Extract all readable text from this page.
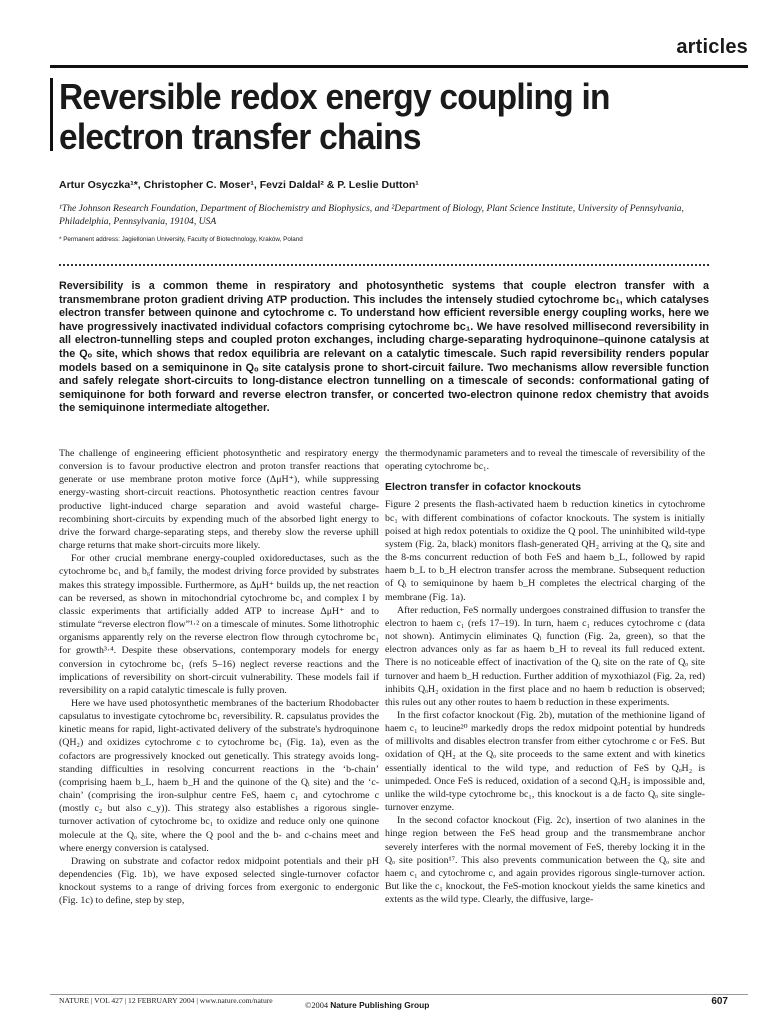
articles
Reversible redox energy coupling in electron transfer chains
Artur Osyczka¹*, Christopher C. Moser¹, Fevzi Daldal² & P. Leslie Dutton¹
¹The Johnson Research Foundation, Department of Biochemistry and Biophysics, and ²Department of Biology, Plant Science Institute, University of Pennsylvania, Philadelphia, Pennsylvania, 19104, USA
* Permanent address: Jagiellonian University, Faculty of Biotechnology, Kraków, Poland

Reversibility is a common theme in respiratory and photosynthetic systems that couple electron transfer with a transmembrane proton gradient driving ATP production. This includes the intensely studied cytochrome bc₁, which catalyses electron transfer between quinone and cytochrome c. To understand how efficient reversible energy coupling works, here we have progressively inactivated individual cofactors comprising cytochrome bc₁. We have resolved millisecond reversibility in all electron-tunnelling steps and coupled proton exchanges, including charge-separating hydroquinone–quinone catalysis at the Qₒ site, which shows that redox equilibria are relevant on a catalytic timescale. Such rapid reversibility renders popular models based on a semiquinone in Qₒ site catalysis prone to short-circuit failure. Two mechanisms allow reversible function and safely relegate short-circuits to long-distance electron tunnelling on a timescale of seconds: conformational gating of semiquinone for both forward and reverse electron transfer, or concerted two-electron quinone redox chemistry that avoids the semiquinone intermediate altogether.

The challenge of engineering efficient photosynthetic and respiratory energy conversion is to favour productive electron and proton transfer reactions that generate or use membrane proton motive force (ΔμH⁺), while suppressing energy-wasting short-circuit reactions. Photosynthetic reaction centres favour productive light-induced charge separation and avoid wasteful charge-recombining short-circuits by expending much of the absorbed light energy to drive the forward charge-separating steps, and thereby slow the reverse uphill charge returns that make short-circuits more likely.

For other crucial membrane energy-coupled oxidoreductases, such as the cytochrome bc₁ and b₆f family, the modest driving force provided by substrates makes this strategy impossible. Furthermore, as ΔμH⁺ builds up, the net reaction can be reversed, as shown in mitochondrial cytochrome bc₁ and complex I by classic experiments that artificially added ATP to increase ΔμH⁺ and to stimulate “reverse electron flow”¹·² on a timescale of minutes. Some lithotrophic organisms apparently rely on the reverse electron flow through cytochrome bc₁ for growth³·⁴. Despite these observations, contemporary models for energy conversion in cytochrome bc₁ (refs 5–16) neglect reverse reactions and the implications of reversibility on short-circuit vulnerability. These models fail if reversibility on a rapid catalytic timescale is fully proven.

Here we have used photosynthetic membranes of the bacterium Rhodobacter capsulatus to investigate cytochrome bc₁ reversibility. R. capsulatus provides the kinetic means for rapid, light-activated delivery of the substrate's hydroquinone (QH₂) and oxidizes cytochrome c to cytochrome bc₁ (Fig. 1a), even as the cofactors are progressively knocked out genetically. This strategy avoids long-standing difficulties in resolving concurrent reactions in the ‘b-chain’ (comprising haem b_L, haem b_H and the quinone of the Qᵢ site) and the ‘c-chain’ (comprising the iron-sulphur centre FeS, haem c₁ and cytochrome c (mostly c₂ but also c_y)). This strategy also establishes a rigorous single-turnover activation of cytochrome bc₁ to oxidize and reduce only one quinone molecule at the Qₒ site, where the Q pool and the b- and c-chains meet and where energy conversion is catalysed.

Drawing on substrate and cofactor redox midpoint potentials and their pH dependencies (Fig. 1b), we have exposed selected single-turnover cofactor knockout systems to a range of driving forces from exergonic to endergonic (Fig. 1c) to define, step by step,

the thermodynamic parameters and to reveal the timescale of reversibility of the operating cytochrome bc₁.

Electron transfer in cofactor knockouts

Figure 2 presents the flash-activated haem b reduction kinetics in cytochrome bc₁ with different combinations of cofactor knockouts. The system is initially poised at high redox potentials to oxidize the Q pool. The uninhibited wild-type system (Fig. 2a, black) monitors flash-generated QH₂ arriving at the Qₒ site and the 8-ms concurrent reduction of both FeS and haem b_L, followed by rapid haem b_L to b_H electron transfer across the membrane. Subsequent reduction of Qᵢ to semiquinone by haem b_H completes the electrical charging of the membrane (Fig. 1a).

After reduction, FeS normally undergoes constrained diffusion to transfer the electron to haem c₁ (refs 17–19). In turn, haem c₁ reduces cytochrome c (data not shown). Antimycin eliminates Qᵢ function (Fig. 2a, green), so that the electron advances only as far as haem b_H to reveal its full reduced extent. There is no noticeable effect of inactivation of the Qᵢ site on the rate of Qₒ site turnover and haem b_H reduction. Further addition of myxothiazol (Fig. 2a, red) inhibits QₒH₂ oxidation in the first place and no haem b reduction is observed; this rules out any other routes to haem b reduction in these experiments.

In the first cofactor knockout (Fig. 2b), mutation of the methionine ligand of haem c₁ to leucine²⁰ markedly drops the redox midpoint potential by hundreds of millivolts and disables electron transfer from either cytochrome c or FeS. But oxidation of QH₂ at the Qₒ site proceeds to the same extent and with kinetics essentially identical to the wild type, and reduction of FeS by QₒH₂ is unimpeded. Once FeS is reduced, oxidation of a second QₒH₂ is impossible and, unlike the wild-type cytochrome bc₁, this knockout is a de facto Qₒ site single-turnover enzyme.

In the second cofactor knockout (Fig. 2c), insertion of two alanines in the hinge region between the FeS head group and the transmembrane anchor severely interferes with the normal movement of FeS, thereby locking it in the Qₒ site position¹⁷. This also prevents communication between the Qₒ site and haem c₁ and cytochrome c, and again provides rigorous single-turnover action. But like the c₁ knockout, the FeS-motion knockout yields the same kinetics and extents as the wild type. Clearly, the diffusive, large-

NATURE | VOL 427 | 12 FEBRUARY 2004 | www.nature.com/nature
©2004 Nature Publishing Group	607
